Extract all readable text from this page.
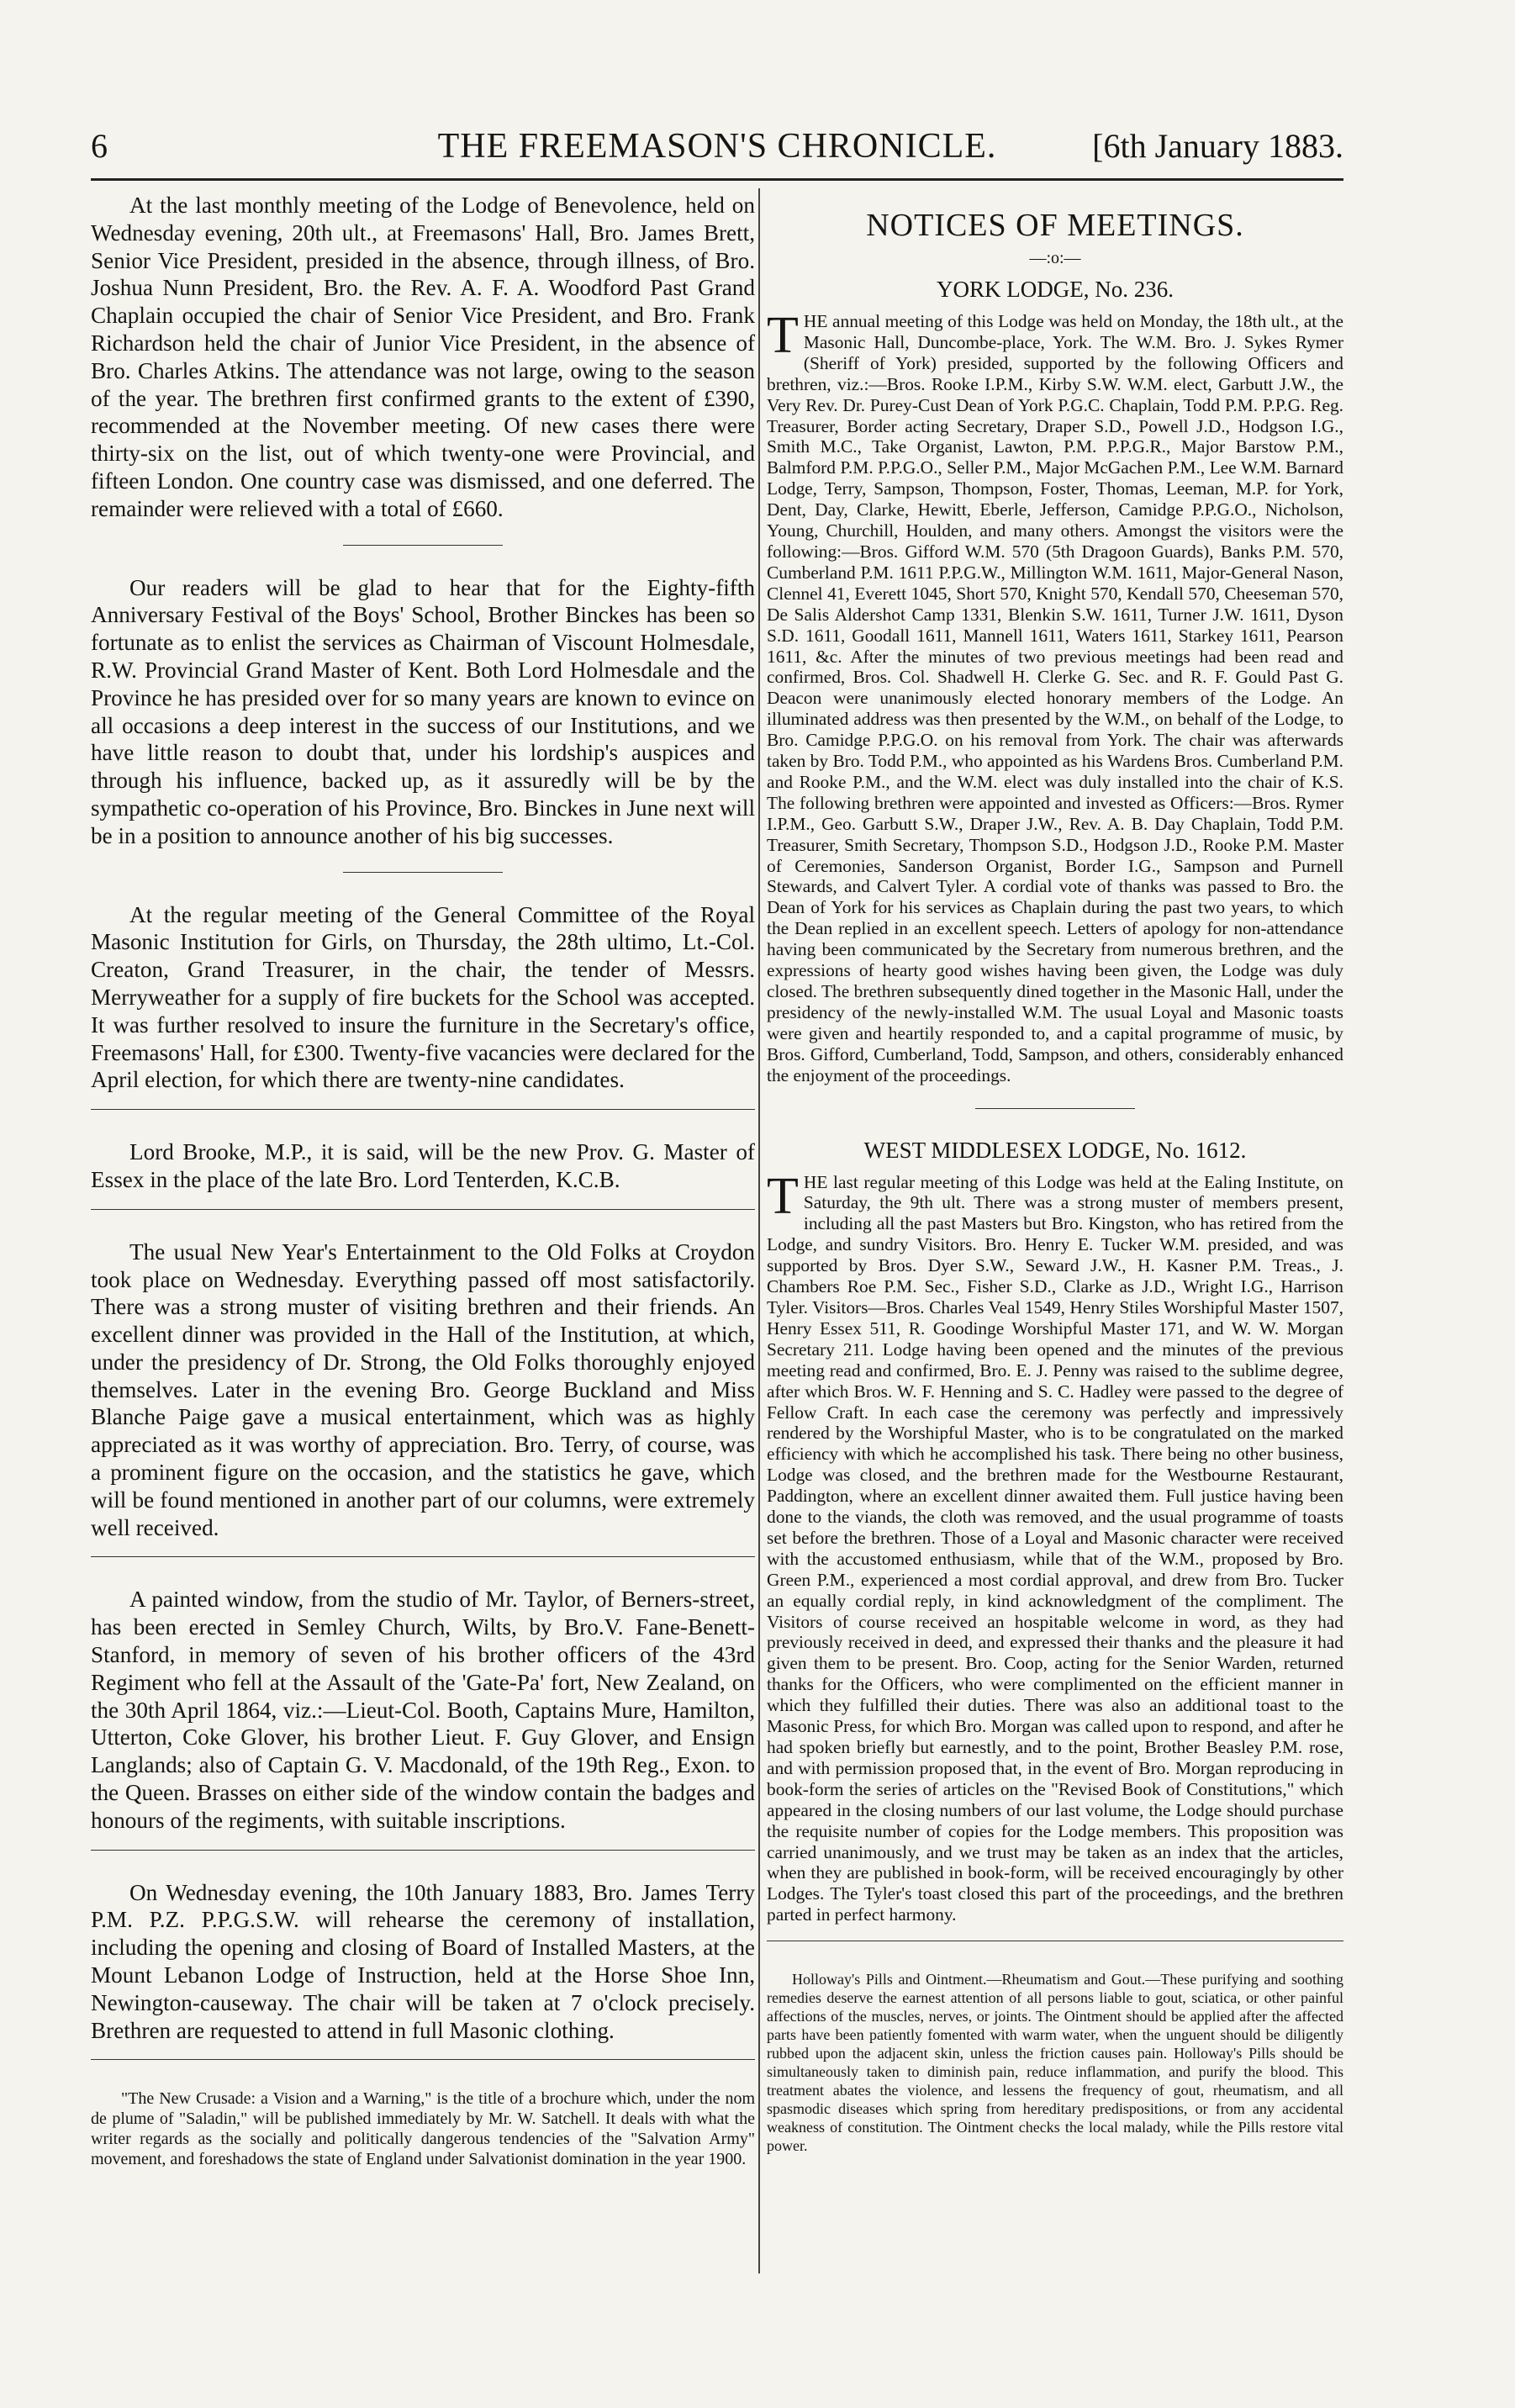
6	THE FREEMASON'S CHRONICLE.	[6th January 1883.

At the last monthly meeting of the Lodge of Benevolence, held on Wednesday evening, 20th ult., at Freemasons' Hall, Bro. James Brett, Senior Vice President, presided in the absence, through illness, of Bro. Joshua Nunn President, Bro. the Rev. A. F. A. Woodford Past Grand Chaplain occupied the chair of Senior Vice President, and Bro. Frank Richardson held the chair of Junior Vice President, in the absence of Bro. Charles Atkins. The attendance was not large, owing to the season of the year. The brethren first confirmed grants to the extent of £390, recommended at the November meeting. Of new cases there were thirty-six on the list, out of which twenty-one were Provincial, and fifteen London. One country case was dismissed, and one deferred. The remainder were relieved with a total of £660.

Our readers will be glad to hear that for the Eighty-fifth Anniversary Festival of the Boys' School, Brother Binckes has been so fortunate as to enlist the services as Chairman of Viscount Holmesdale, R.W. Provincial Grand Master of Kent. Both Lord Holmesdale and the Province he has presided over for so many years are known to evince on all occasions a deep interest in the success of our Institutions, and we have little reason to doubt that, under his lordship's auspices and through his influence, backed up, as it assuredly will be by the sympathetic co-operation of his Province, Bro. Binckes in June next will be in a position to announce another of his big successes.

At the regular meeting of the General Committee of the Royal Masonic Institution for Girls, on Thursday, the 28th ultimo, Lt.-Col. Creaton, Grand Treasurer, in the chair, the tender of Messrs. Merryweather for a supply of fire buckets for the School was accepted. It was further resolved to insure the furniture in the Secretary's office, Freemasons' Hall, for £300. Twenty-five vacancies were declared for the April election, for which there are twenty-nine candidates.

Lord Brooke, M.P., it is said, will be the new Prov. G. Master of Essex in the place of the late Bro. Lord Tenterden, K.C.B.

The usual New Year's Entertainment to the Old Folks at Croydon took place on Wednesday. Everything passed off most satisfactorily. There was a strong muster of visiting brethren and their friends. An excellent dinner was provided in the Hall of the Institution, at which, under the presidency of Dr. Strong, the Old Folks thoroughly enjoyed themselves. Later in the evening Bro. George Buckland and Miss Blanche Paige gave a musical entertainment, which was as highly appreciated as it was worthy of appreciation. Bro. Terry, of course, was a prominent figure on the occasion, and the statistics he gave, which will be found mentioned in another part of our columns, were extremely well received.

A painted window, from the studio of Mr. Taylor, of Berners-street, has been erected in Semley Church, Wilts, by Bro.V. Fane-Benett-Stanford, in memory of seven of his brother officers of the 43rd Regiment who fell at the Assault of the 'Gate-Pa' fort, New Zealand, on the 30th April 1864, viz.:—Lieut-Col. Booth, Captains Mure, Hamilton, Utterton, Coke Glover, his brother Lieut. F. Guy Glover, and Ensign Langlands; also of Captain G. V. Macdonald, of the 19th Reg., Exon. to the Queen. Brasses on either side of the window contain the badges and honours of the regiments, with suitable inscriptions.

On Wednesday evening, the 10th January 1883, Bro. James Terry P.M. P.Z. P.P.G.S.W. will rehearse the ceremony of installation, including the opening and closing of Board of Installed Masters, at the Mount Lebanon Lodge of Instruction, held at the Horse Shoe Inn, Newington-causeway. The chair will be taken at 7 o'clock precisely. Brethren are requested to attend in full Masonic clothing.

"The New Crusade: a Vision and a Warning," is the title of a brochure which, under the nom de plume of "Saladin," will be published immediately by Mr. W. Satchell. It deals with what the writer regards as the socially and politically dangerous tendencies of the "Salvation Army" movement, and foreshadows the state of England under Salvationist domination in the year 1900.

NOTICES OF MEETINGS.
—:o:—
YORK LODGE, No. 236.

THE annual meeting of this Lodge was held on Monday, the 18th ult., at the Masonic Hall, Duncombe-place, York. The W.M. Bro. J. Sykes Rymer (Sheriff of York) presided, supported by the following Officers and brethren, viz.:—Bros. Rooke I.P.M., Kirby S.W. W.M. elect, Garbutt J.W., the Very Rev. Dr. Purey-Cust Dean of York P.G.C. Chaplain, Todd P.M. P.P.G. Reg. Treasurer, Border acting Secretary, Draper S.D., Powell J.D., Hodgson I.G., Smith M.C., Take Organist, Lawton, P.M. P.P.G.R., Major Barstow P.M., Balmford P.M. P.P.G.O., Seller P.M., Major McGachen P.M., Lee W.M. Barnard Lodge, Terry, Sampson, Thompson, Foster, Thomas, Leeman, M.P. for York, Dent, Day, Clarke, Hewitt, Eberle, Jefferson, Camidge P.P.G.O., Nicholson, Young, Churchill, Houlden, and many others. Amongst the visitors were the following:—Bros. Gifford W.M. 570 (5th Dragoon Guards), Banks P.M. 570, Cumberland P.M. 1611 P.P.G.W., Millington W.M. 1611, Major-General Nason, Clennel 41, Everett 1045, Short 570, Knight 570, Kendall 570, Cheeseman 570, De Salis Aldershot Camp 1331, Blenkin S.W. 1611, Turner J.W. 1611, Dyson S.D. 1611, Goodall 1611, Mannell 1611, Waters 1611, Starkey 1611, Pearson 1611, &c. After the minutes of two previous meetings had been read and confirmed, Bros. Col. Shadwell H. Clerke G. Sec. and R. F. Gould Past G. Deacon were unanimously elected honorary members of the Lodge. An illuminated address was then presented by the W.M., on behalf of the Lodge, to Bro. Camidge P.P.G.O. on his removal from York. The chair was afterwards taken by Bro. Todd P.M., who appointed as his Wardens Bros. Cumberland P.M. and Rooke P.M., and the W.M. elect was duly installed into the chair of K.S. The following brethren were appointed and invested as Officers:—Bros. Rymer I.P.M., Geo. Garbutt S.W., Draper J.W., Rev. A. B. Day Chaplain, Todd P.M. Treasurer, Smith Secretary, Thompson S.D., Hodgson J.D., Rooke P.M. Master of Ceremonies, Sanderson Organist, Border I.G., Sampson and Purnell Stewards, and Calvert Tyler. A cordial vote of thanks was passed to Bro. the Dean of York for his services as Chaplain during the past two years, to which the Dean replied in an excellent speech. Letters of apology for non-attendance having been communicated by the Secretary from numerous brethren, and the expressions of hearty good wishes having been given, the Lodge was duly closed. The brethren subsequently dined together in the Masonic Hall, under the presidency of the newly-installed W.M. The usual Loyal and Masonic toasts were given and heartily responded to, and a capital programme of music, by Bros. Gifford, Cumberland, Todd, Sampson, and others, considerably enhanced the enjoyment of the proceedings.

WEST MIDDLESEX LODGE, No. 1612.

THE last regular meeting of this Lodge was held at the Ealing Institute, on Saturday, the 9th ult. There was a strong muster of members present, including all the past Masters but Bro. Kingston, who has retired from the Lodge, and sundry Visitors. Bro. Henry E. Tucker W.M. presided, and was supported by Bros. Dyer S.W., Seward J.W., H. Kasner P.M. Treas., J. Chambers Roe P.M. Sec., Fisher S.D., Clarke as J.D., Wright I.G., Harrison Tyler. Visitors—Bros. Charles Veal 1549, Henry Stiles Worshipful Master 1507, Henry Essex 511, R. Goodinge Worshipful Master 171, and W. W. Morgan Secretary 211. Lodge having been opened and the minutes of the previous meeting read and confirmed, Bro. E. J. Penny was raised to the sublime degree, after which Bros. W. F. Henning and S. C. Hadley were passed to the degree of Fellow Craft. In each case the ceremony was perfectly and impressively rendered by the Worshipful Master, who is to be congratulated on the marked efficiency with which he accomplished his task. There being no other business, Lodge was closed, and the brethren made for the Westbourne Restaurant, Paddington, where an excellent dinner awaited them. Full justice having been done to the viands, the cloth was removed, and the usual programme of toasts set before the brethren. Those of a Loyal and Masonic character were received with the accustomed enthusiasm, while that of the W.M., proposed by Bro. Green P.M., experienced a most cordial approval, and drew from Bro. Tucker an equally cordial reply, in kind acknowledgment of the compliment. The Visitors of course received an hospitable welcome in word, as they had previously received in deed, and expressed their thanks and the pleasure it had given them to be present. Bro. Coop, acting for the Senior Warden, returned thanks for the Officers, who were complimented on the efficient manner in which they fulfilled their duties. There was also an additional toast to the Masonic Press, for which Bro. Morgan was called upon to respond, and after he had spoken briefly but earnestly, and to the point, Brother Beasley P.M. rose, and with permission proposed that, in the event of Bro. Morgan reproducing in book-form the series of articles on the "Revised Book of Constitutions," which appeared in the closing numbers of our last volume, the Lodge should purchase the requisite number of copies for the Lodge members. This proposition was carried unanimously, and we trust may be taken as an index that the articles, when they are published in book-form, will be received encouragingly by other Lodges. The Tyler's toast closed this part of the proceedings, and the brethren parted in perfect harmony.

Holloway's Pills and Ointment.—Rheumatism and Gout.—These purifying and soothing remedies deserve the earnest attention of all persons liable to gout, sciatica, or other painful affections of the muscles, nerves, or joints. The Ointment should be applied after the affected parts have been patiently fomented with warm water, when the unguent should be diligently rubbed upon the adjacent skin, unless the friction causes pain. Holloway's Pills should be simultaneously taken to diminish pain, reduce inflammation, and purify the blood. This treatment abates the violence, and lessens the frequency of gout, rheumatism, and all spasmodic diseases which spring from hereditary predispositions, or from any accidental weakness of constitution. The Ointment checks the local malady, while the Pills restore vital power.
